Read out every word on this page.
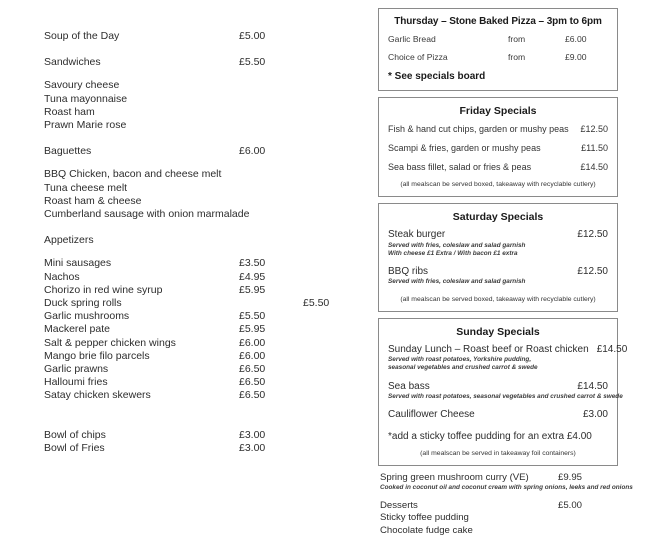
Soup of the Day	£5.00
Sandwiches	£5.50
Savoury cheese
Tuna mayonnaise
Roast ham
Prawn Marie rose
Baguettes	£6.00
BBQ Chicken, bacon and cheese melt
Tuna cheese melt
Roast ham & cheese
Cumberland sausage with onion marmalade
Appetizers
Mini sausages	£3.50
Nachos	£4.95
Chorizo in red wine syrup	£5.95
Duck spring rolls	£5.50
Garlic mushrooms	£5.50
Mackerel pate	£5.95
Salt & pepper chicken wings	£6.00
Mango brie filo parcels	£6.00
Garlic prawns	£6.50
Halloumi fries	£6.50
Satay chicken skewers	£6.50
Bowl of chips	£3.00
Bowl of Fries	£3.00
Thursday – Stone Baked Pizza – 3pm to 6pm
Garlic Bread	from	£6.00
Choice of Pizza	from	£9.00
* See specials board
Friday Specials
Fish & hand cut chips, garden or mushy peas £12.50
Scampi & fries, garden or mushy peas	£11.50
Sea bass fillet, salad or fries & peas	£14.50
(all mealscan be served boxed, takeaway with recyclable cutlery)
Saturday Specials
Steak burger	£12.50
Served with fries, coleslaw and salad garnish
With cheese £1 Extra / With bacon £1 extra
BBQ ribs	£12.50
Served with fries, coleslaw and salad garnish
(all mealscan be served boxed, takeaway with recyclable cutlery)
Sunday Specials
Sunday Lunch – Roast beef or Roast chicken £14.50
Served with roast potatoes, Yorkshire pudding,
seasonal vegetables and crushed carrot & swede
Sea bass	£14.50
Served with roast potatoes, seasonal vegetables and crushed carrot & swede
Cauliflower Cheese	£3.00
*add a sticky toffee pudding for an extra £4.00
(all mealscan be served in takeaway foil containers)
Spring green mushroom curry (VE)	£9.95
Cooked in coconut oil and coconut cream with spring onions, leeks and red onions
Desserts	£5.00
Sticky toffee pudding
Chocolate fudge cake
